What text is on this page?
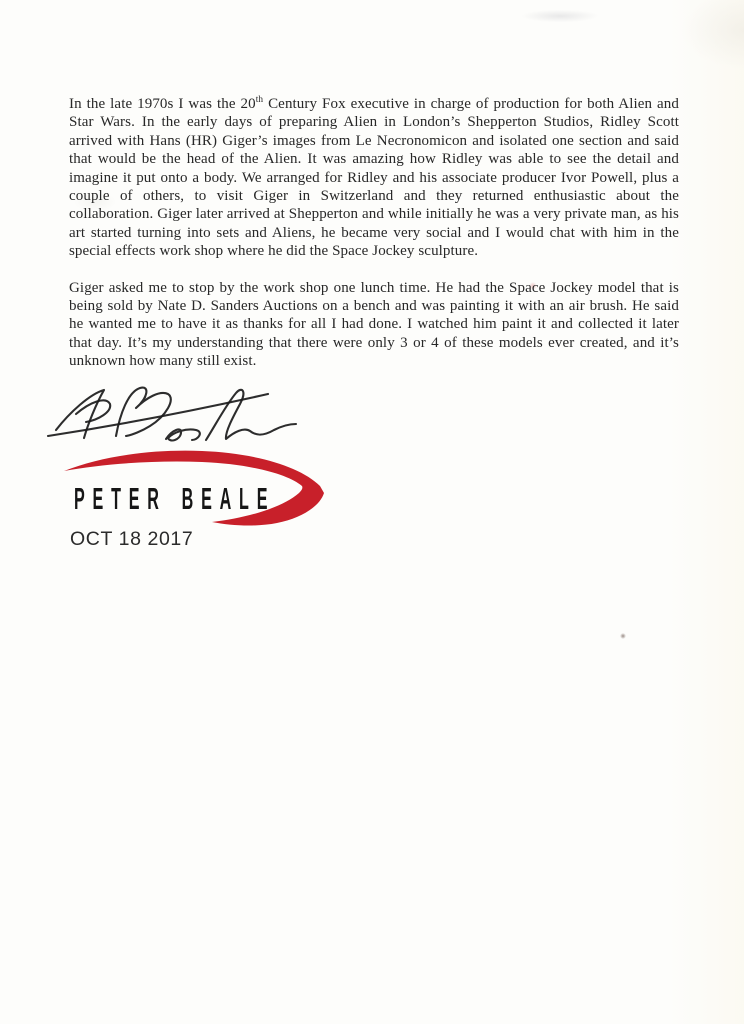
In the late 1970s I was the 20th Century Fox executive in charge of production for both Alien and Star Wars. In the early days of preparing Alien in London’s Shepperton Studios, Ridley Scott arrived with Hans (HR) Giger’s images from Le Necronomicon and isolated one section and said that would be the head of the Alien. It was amazing how Ridley was able to see the detail and imagine it put onto a body. We arranged for Ridley and his associate producer Ivor Powell, plus a couple of others, to visit Giger in Switzerland and they returned enthusiastic about the collaboration. Giger later arrived at Shepperton and while initially he was a very private man, as his art started turning into sets and Aliens, he became very social and I would chat with him in the special effects work shop where he did the Space Jockey sculpture.

Giger asked me to stop by the work shop one lunch time. He had the Space Jockey model that is being sold by Nate D. Sanders Auctions on a bench and was painting it with an air brush. He said he wanted me to have it as thanks for all I had done. I watched him paint it and collected it later that day. It’s my understanding that there were only 3 or 4 of these models ever created, and it’s unknown how many still exist.

PETER BEALE
OCT 18 2017
